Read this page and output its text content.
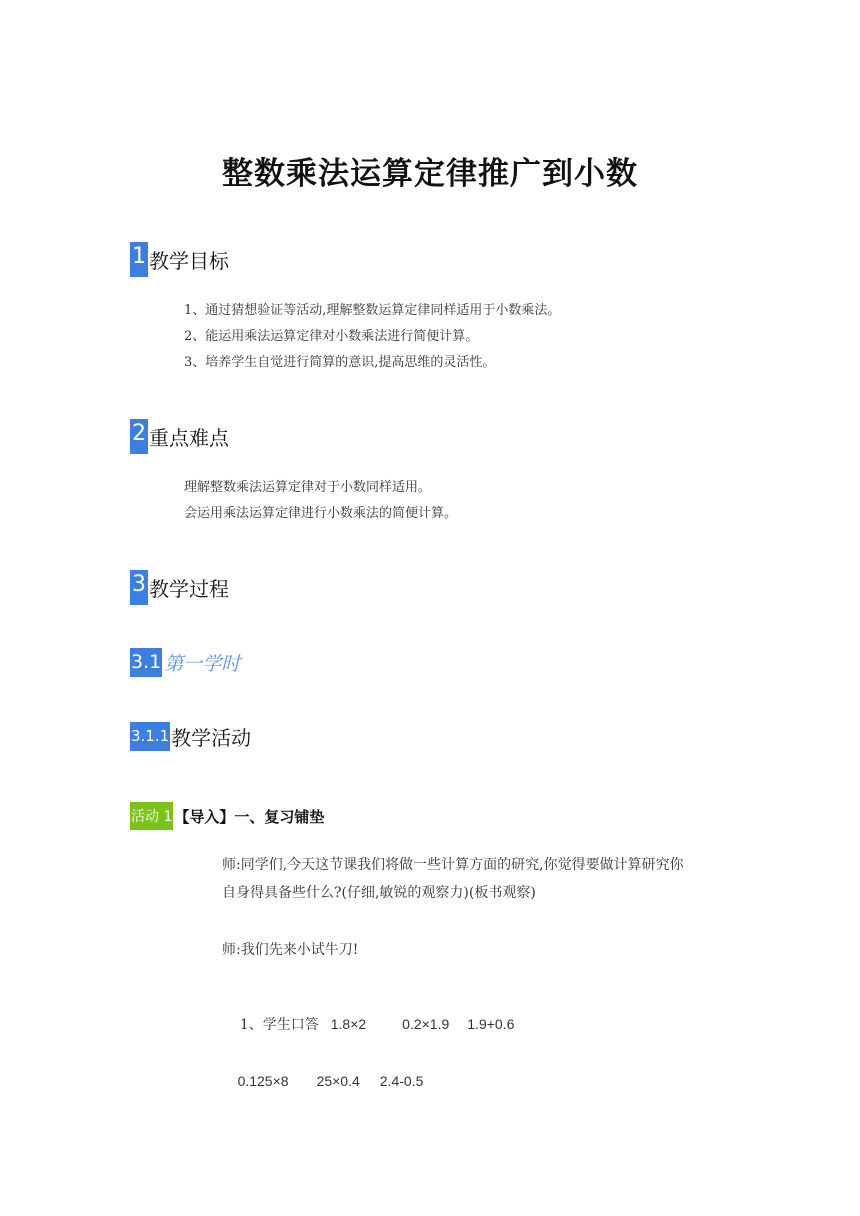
整数乘法运算定律推广到小数
1 教学目标
1、通过猜想验证等活动,理解整数运算定律同样适用于小数乘法。
2、能运用乘法运算定律对小数乘法进行简便计算。
3、培养学生自觉进行简算的意识,提高思维的灵活性。
2 重点难点
理解整数乘法运算定律对于小数同样适用。
会运用乘法运算定律进行小数乘法的简便计算。
3 教学过程
3.1 第一学时
3.1.1 教学活动
活动 1 【导入】一、复习铺垫
师:同学们,今天这节课我们将做一些计算方面的研究,你觉得要做计算研究你
自身得具备些什么?(仔细,敏锐的观察力)(板书观察)
师:我们先来小试牛刀!

1、学生口答 1.8×2	0.2×1.9 1.9+0.6

0.125×8 25×0.4 2.4-0.5
